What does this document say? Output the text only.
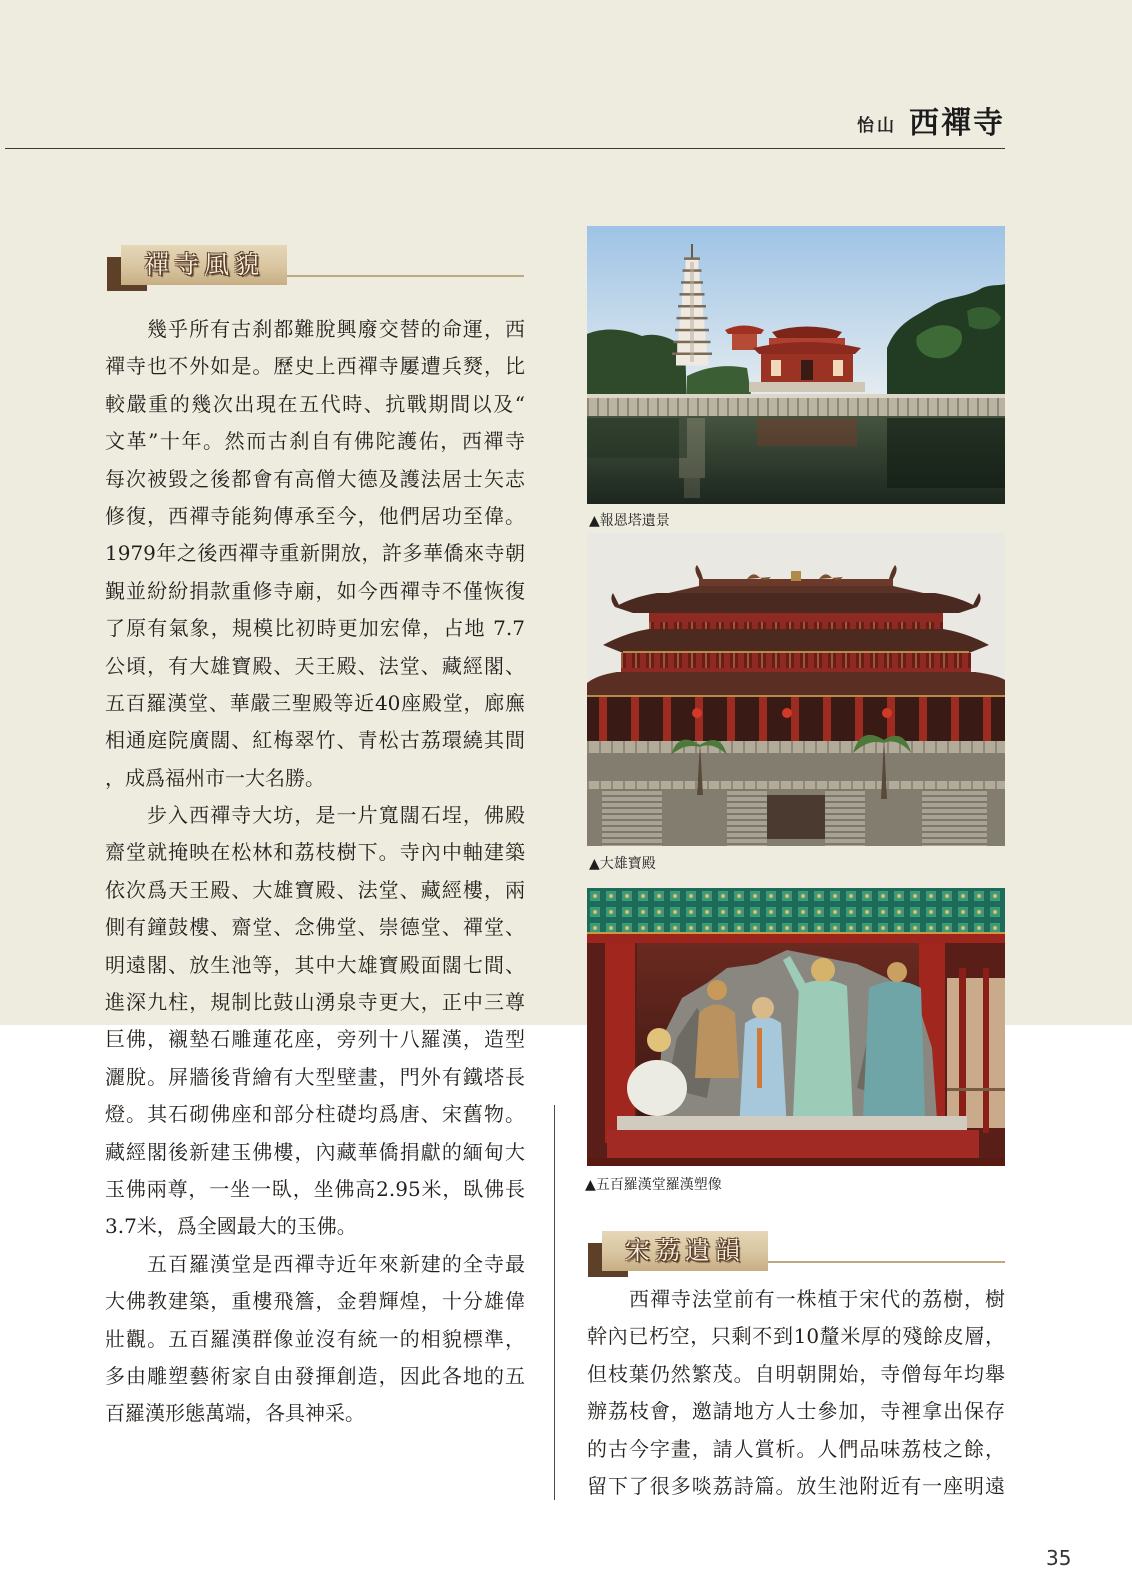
怡山 西禪寺
禪寺風貌
幾乎所有古刹都難脫興廢交替的命運，西
禪寺也不外如是。歷史上西禪寺屢遭兵燹，比
較嚴重的幾次出現在五代時、抗戰期間以及“
文革”十年。然而古刹自有佛陀護佑，西禪寺
每次被毀之後都會有高僧大德及護法居士矢志
修復，西禪寺能夠傳承至今，他們居功至偉。
1979年之後西禪寺重新開放，許多華僑來寺朝
覲並紛紛捐款重修寺廟，如今西禪寺不僅恢復
了原有氣象，規模比初時更加宏偉，占地 7.7
公頃，有大雄寶殿、天王殿、法堂、藏經閣、
五百羅漢堂、華嚴三聖殿等近40座殿堂，廊廡
相通庭院廣闊、紅梅翠竹、青松古荔環繞其間
，成爲福州市一大名勝。
步入西禪寺大坊，是一片寬闊石埕，佛殿
齋堂就掩映在松林和荔枝樹下。寺內中軸建築
依次爲天王殿、大雄寶殿、法堂、藏經樓，兩
側有鐘鼓樓、齋堂、念佛堂、崇德堂、禪堂、
明遠閣、放生池等，其中大雄寶殿面闊七間、
進深九柱，規制比鼓山湧泉寺更大，正中三尊
巨佛，襯墊石雕蓮花座，旁列十八羅漢，造型
灑脫。屏牆後背繪有大型壁畫，門外有鐵塔長
燈。其石砌佛座和部分柱礎均爲唐、宋舊物。
藏經閣後新建玉佛樓，內藏華僑捐獻的緬甸大
玉佛兩尊，一坐一臥，坐佛高2.95米，臥佛長
3.7米，爲全國最大的玉佛。
五百羅漢堂是西禪寺近年來新建的全寺最
大佛教建築，重樓飛簷，金碧輝煌，十分雄偉
壯觀。五百羅漢群像並沒有統一的相貌標準，
多由雕塑藝術家自由發揮創造，因此各地的五
百羅漢形態萬端，各具神采。
▲報恩塔遺景
▲大雄寶殿
▲五百羅漢堂羅漢塑像
宋荔遺韻
西禪寺法堂前有一株植于宋代的荔樹，樹
幹內已朽空，只剩不到10釐米厚的殘餘皮層，
但枝葉仍然繁茂。自明朝開始，寺僧每年均舉
辦荔枝會，邀請地方人士參加，寺裡拿出保存
的古今字畫，請人賞析。人們品味荔枝之餘，
留下了很多啖荔詩篇。放生池附近有一座明遠
35
